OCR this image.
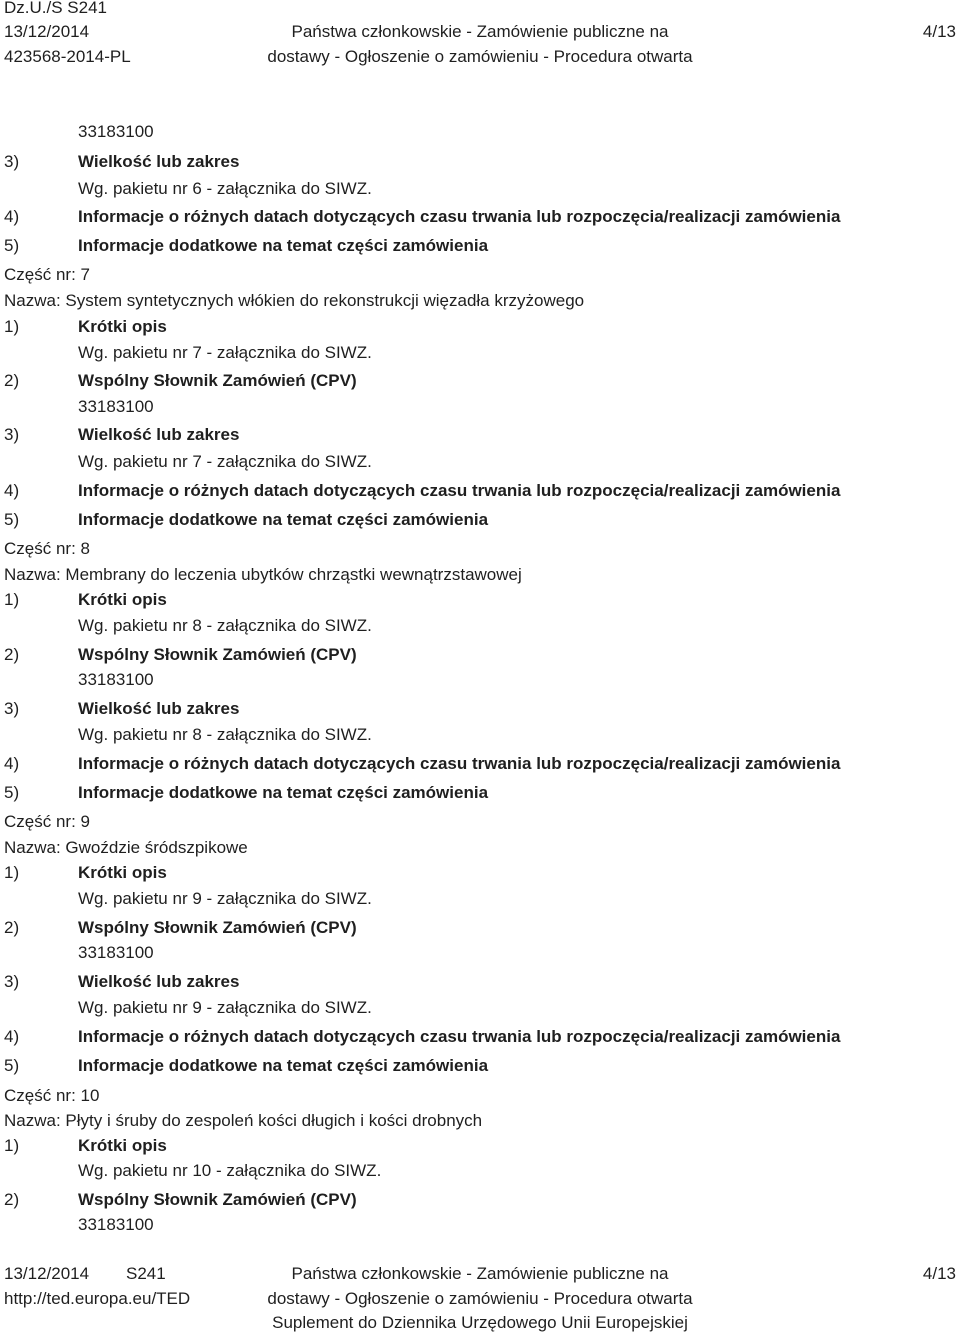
Dz.U./S S241
13/12/2014
423568-2014-PL
Państwa członkowskie - Zamówienie publiczne na
dostawy - Ogłoszenie o zamówieniu - Procedura otwarta
4/13
33183100
3)	Wielkość lub zakres
Wg. pakietu nr 6 - załącznika do SIWZ.
4)	Informacje o różnych datach dotyczących czasu trwania lub rozpoczęcia/realizacji zamówienia
5)	Informacje dodatkowe na temat części zamówienia
Część nr: 7
Nazwa: System syntetycznych włókien do rekonstrukcji więzadła krzyżowego
1)	Krótki opis
Wg. pakietu nr 7 - załącznika do SIWZ.
2)	Wspólny Słownik Zamówień (CPV)
33183100
3)	Wielkość lub zakres
Wg. pakietu nr 7 - załącznika do SIWZ.
4)	Informacje o różnych datach dotyczących czasu trwania lub rozpoczęcia/realizacji zamówienia
5)	Informacje dodatkowe na temat części zamówienia
Część nr: 8
Nazwa: Membrany do leczenia ubytków chrząstki wewnątrzstawowej
1)	Krótki opis
Wg. pakietu nr 8 - załącznika do SIWZ.
2)	Wspólny Słownik Zamówień (CPV)
33183100
3)	Wielkość lub zakres
Wg. pakietu nr 8 - załącznika do SIWZ.
4)	Informacje o różnych datach dotyczących czasu trwania lub rozpoczęcia/realizacji zamówienia
5)	Informacje dodatkowe na temat części zamówienia
Część nr: 9
Nazwa: Gwoździe śródszpikowe
1)	Krótki opis
Wg. pakietu nr 9 - załącznika do SIWZ.
2)	Wspólny Słownik Zamówień (CPV)
33183100
3)	Wielkość lub zakres
Wg. pakietu nr 9 - załącznika do SIWZ.
4)	Informacje o różnych datach dotyczących czasu trwania lub rozpoczęcia/realizacji zamówienia
5)	Informacje dodatkowe na temat części zamówienia
Część nr: 10
Nazwa: Płyty i śruby do zespoleń kości długich i kości drobnych
1)	Krótki opis
Wg. pakietu nr 10 - załącznika do SIWZ.
2)	Wspólny Słownik Zamówień (CPV)
33183100
13/12/2014 S241
http://ted.europa.eu/TED
Państwa członkowskie - Zamówienie publiczne na
dostawy - Ogłoszenie o zamówieniu - Procedura otwarta
Suplement do Dziennika Urzędowego Unii Europejskiej
4/13
